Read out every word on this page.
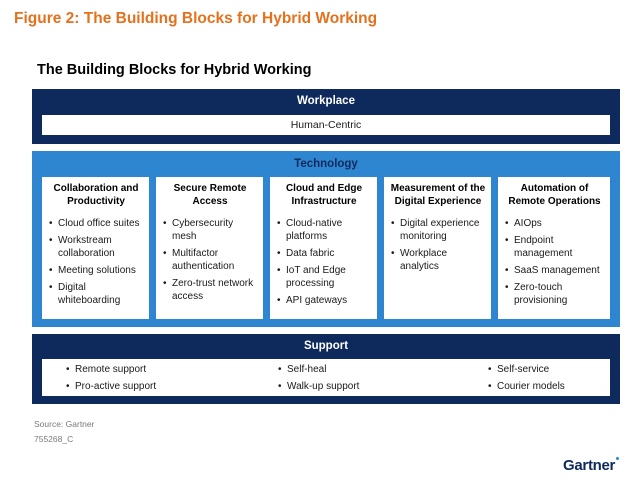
Figure 2: The Building Blocks for Hybrid Working
The Building Blocks for Hybrid Working
Workplace
Human-Centric
Technology
Collaboration and Productivity
• Cloud office suites
• Workstream collaboration
• Meeting solutions
• Digital whiteboarding
Secure Remote Access
• Cybersecurity mesh
• Multifactor authentication
• Zero-trust network access
Cloud and Edge Infrastructure
• Cloud-native platforms
• Data fabric
• IoT and Edge processing
• API gateways
Measurement of the Digital Experience
• Digital experience monitoring
• Workplace analytics
Automation of Remote Operations
• AIOps
• Endpoint management
• SaaS management
• Zero-touch provisioning
Support
• Remote support
• Pro-active support
• Self-heal
• Walk-up support
• Self-service
• Courier models
Source: Gartner
755268_C
Gartner
